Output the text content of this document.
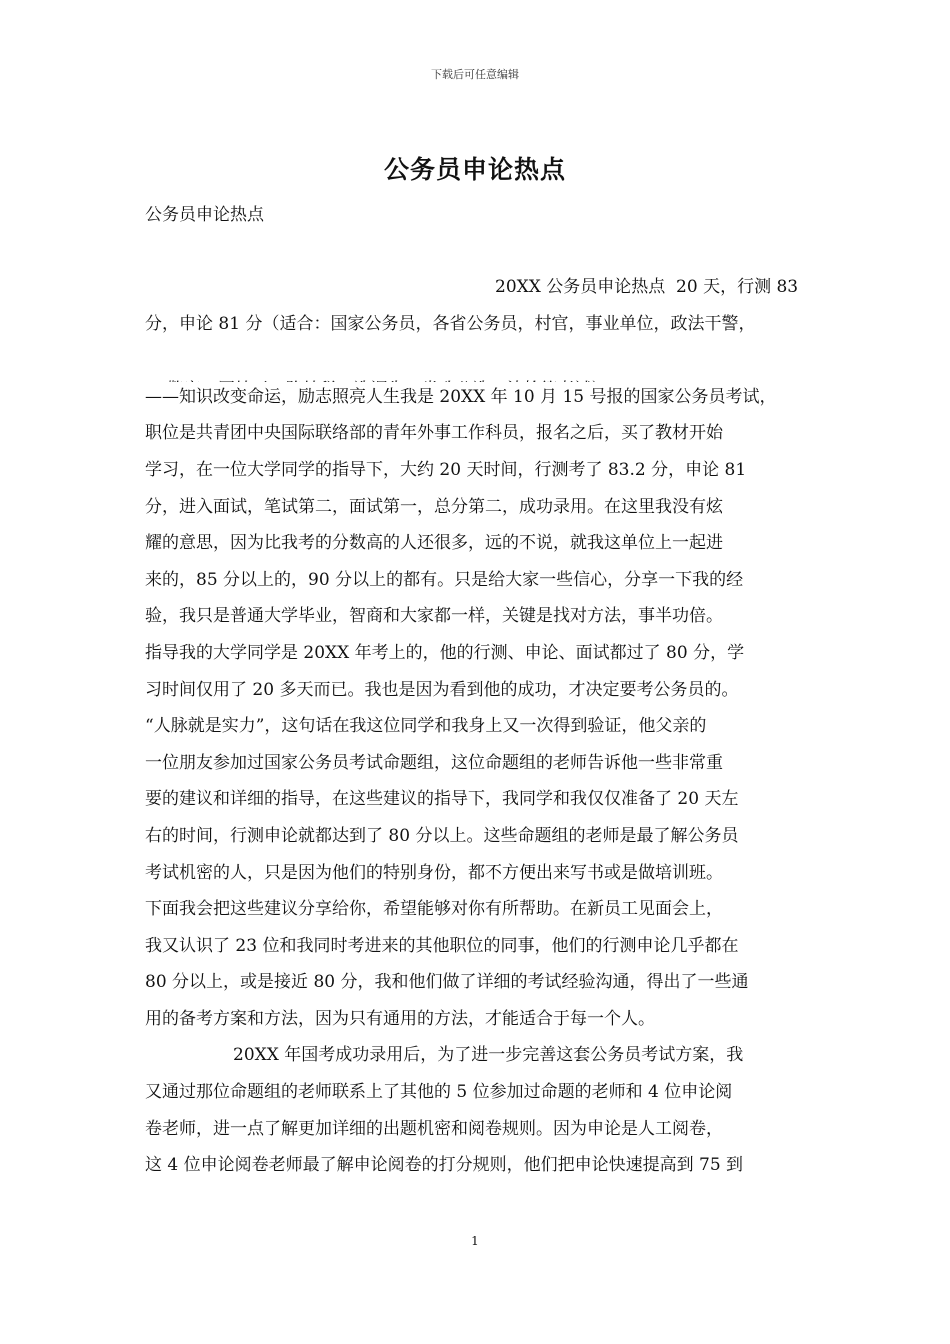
下载后可任意编辑
公务员申论热点
公务员申论热点
20XX 公务员申论热点  20 天，行测 83
分，申论 81 分（适合：国家公务员，各省公务员，村官，事业单位，政法干警，

——知识改变命运，励志照亮人生我是 20XX 年 10 月 15 号报的国家公务员考试，
职位是共青团中央国际联络部的青年外事工作科员，报名之后，买了教材开始
学习，在一位大学同学的指导下，大约 20 天时间，行测考了 83.2 分，申论 81
分，进入面试，笔试第二，面试第一，总分第二，成功录用。在这里我没有炫
耀的意思，因为比我考的分数高的人还很多，远的不说，就我这单位上一起进
来的，85 分以上的，90 分以上的都有。只是给大家一些信心，分享一下我的经
验，我只是普通大学毕业，智商和大家都一样，关键是找对方法，事半功倍。
指导我的大学同学是 20XX 年考上的，他的行测、申论、面试都过了 80 分，学
习时间仅用了 20 多天而已。我也是因为看到他的成功，才决定要考公务员的。
“人脉就是实力”，这句话在我这位同学和我身上又一次得到验证，他父亲的
一位朋友参加过国家公务员考试命题组，这位命题组的老师告诉他一些非常重
要的建议和详细的指导，在这些建议的指导下，我同学和我仅仅准备了 20 天左
右的时间，行测申论就都达到了 80 分以上。这些命题组的老师是最了解公务员
考试机密的人，只是因为他们的特别身份，都不方便出来写书或是做培训班。
下面我会把这些建议分享给你，希望能够对你有所帮助。在新员工见面会上，
我又认识了 23 位和我同时考进来的其他职位的同事，他们的行测申论几乎都在
80 分以上，或是接近 80 分，我和他们做了详细的考试经验沟通，得出了一些通
用的备考方案和方法，因为只有通用的方法，才能适合于每一个人。
20XX 年国考成功录用后，为了进一步完善这套公务员考试方案，我
又通过那位命题组的老师联系上了其他的 5 位参加过命题的老师和 4 位申论阅
卷老师，进一点了解更加详细的出题机密和阅卷规则。因为申论是人工阅卷，
这 4 位申论阅卷老师最了解申论阅卷的打分规则，他们把申论快速提高到 75 到
1
